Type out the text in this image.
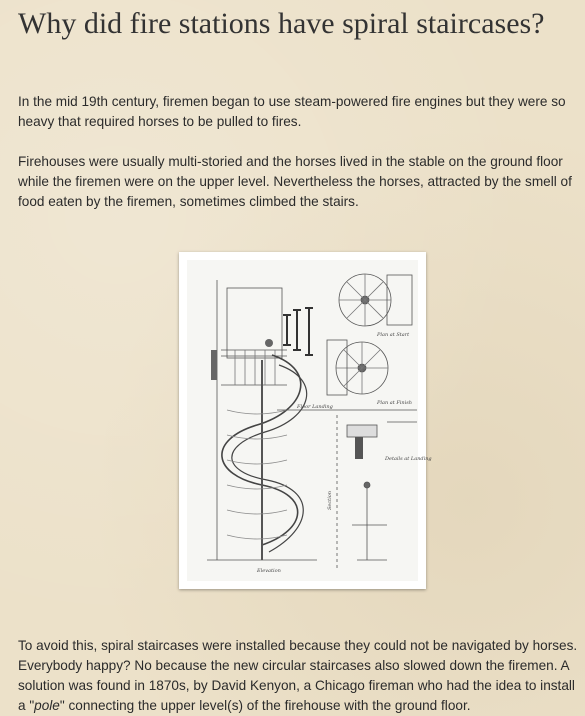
Why did fire stations have spiral staircases?

In the mid 19th century, firemen began to use steam-powered fire engines but they were so heavy that required horses to be pulled to fires.

Firehouses were usually multi-storied and the horses lived in the stable on the ground floor while the firemen were on the upper level. Nevertheless the horses, attracted by the smell of food eaten by the firemen, sometimes climbed the stairs.

Plan at Start
Plan at Finish
Floor Landing
Details at Landing
Section
Elevation

To avoid this, spiral staircases were installed because they could not be navigated by horses. Everybody happy? No because the new circular staircases also slowed down the firemen. A solution was found in 1870s, by David Kenyon, a Chicago fireman who had the idea to install a "pole" connecting the upper level(s) of the firehouse with the ground floor.
